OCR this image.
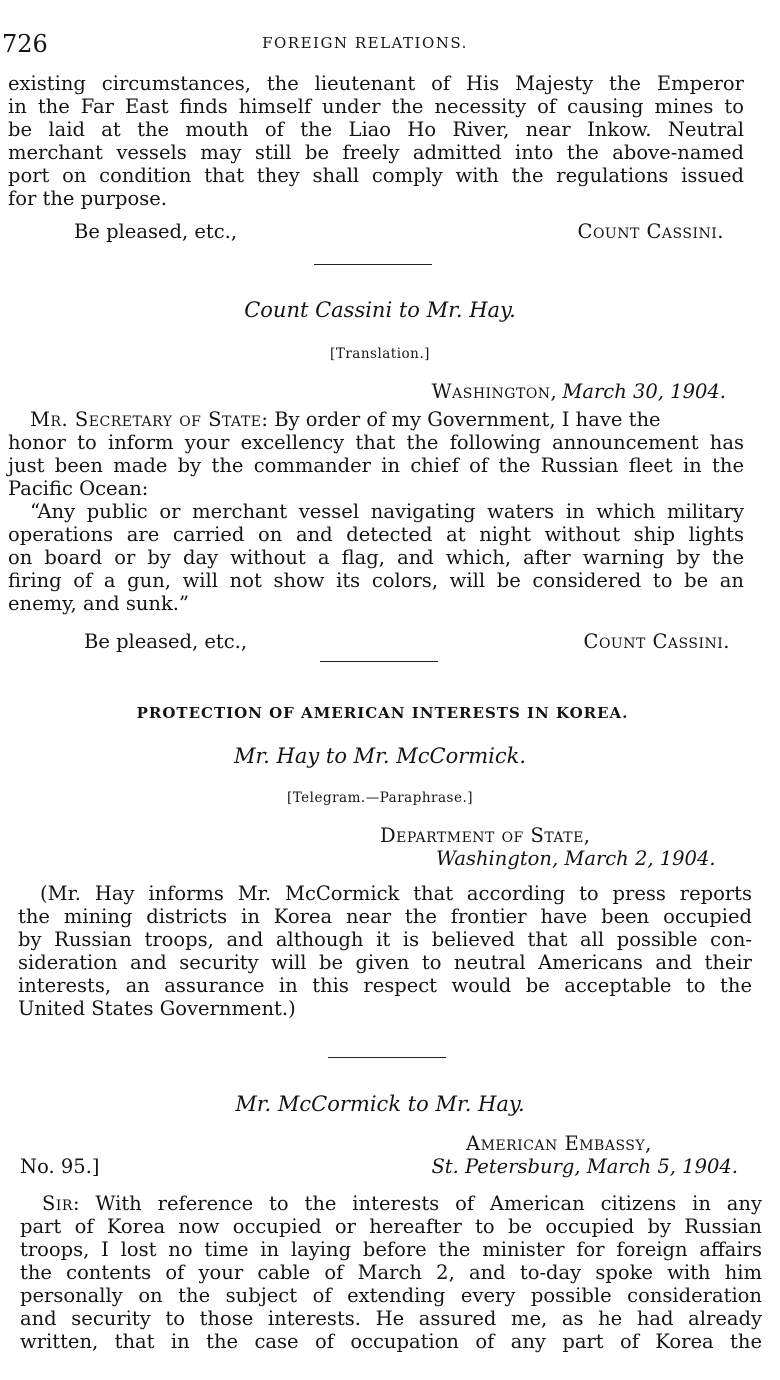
726	FOREIGN RELATIONS.
existing circumstances, the lieutenant of His Majesty the Emperor
in the Far East finds himself under the necessity of causing mines to
be laid at the mouth of the Liao Ho River, near Inkow. Neutral
merchant vessels may still be freely admitted into the above-named
port on condition that they shall comply with the regulations issued
for the purpose.
Be pleased, etc.,	Count Cassini.
Count Cassini to Mr. Hay.
[Translation.]
Washington, March 30, 1904.
Mr. Secretary of State: By order of my Government, I have the
honor to inform your excellency that the following announcement has
just been made by the commander in chief of the Russian fleet in the
Pacific Ocean:
“Any public or merchant vessel navigating waters in which military
operations are carried on and detected at night without ship lights
on board or by day without a flag, and which, after warning by the
firing of a gun, will not show its colors, will be considered to be an
enemy, and sunk.”
Be pleased, etc.,	Count Cassini.
PROTECTION OF AMERICAN INTERESTS IN KOREA.
Mr. Hay to Mr. McCormick.
[Telegram.—Paraphrase.]
Department of State,
Washington, March 2, 1904.
(Mr. Hay informs Mr. McCormick that according to press reports
the mining districts in Korea near the frontier have been occupied
by Russian troops, and although it is believed that all possible con-
sideration and security will be given to neutral Americans and their
interests, an assurance in this respect would be acceptable to the
United States Government.)
Mr. McCormick to Mr. Hay.
American Embassy,
No. 95.]	St. Petersburg, March 5, 1904.
Sir: With reference to the interests of American citizens in any
part of Korea now occupied or hereafter to be occupied by Russian
troops, I lost no time in laying before the minister for foreign affairs
the contents of your cable of March 2, and to-day spoke with him
personally on the subject of extending every possible consideration
and security to those interests. He assured me, as he had already
written, that in the case of occupation of any part of Korea the
